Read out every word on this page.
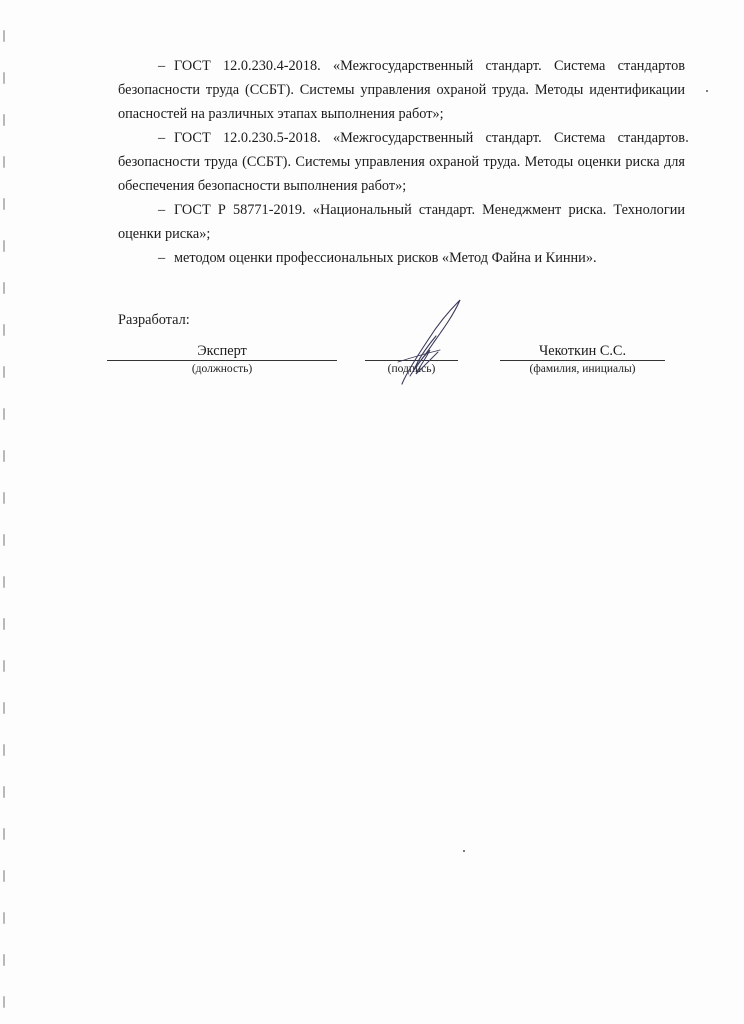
– ГОСТ 12.0.230.4-2018. «Межгосударственный стандарт. Система стандартов безопасности труда (ССБТ). Системы управления охраной труда. Методы идентификации опасностей на различных этапах выполнения работ»;
– ГОСТ 12.0.230.5-2018. «Межгосударственный стандарт. Система стандартов безопасности труда (ССБТ). Системы управления охраной труда. Методы оценки риска для обеспечения безопасности выполнения работ»;
– ГОСТ Р 58771-2019. «Национальный стандарт. Менеджмент риска. Технологии оценки риска»;
– методом оценки профессиональных рисков «Метод Файна и Кинни».
Разработал:
Эксперт
(должность)	(подпись)
Чекоткин С.С.
(фамилия, инициалы)
